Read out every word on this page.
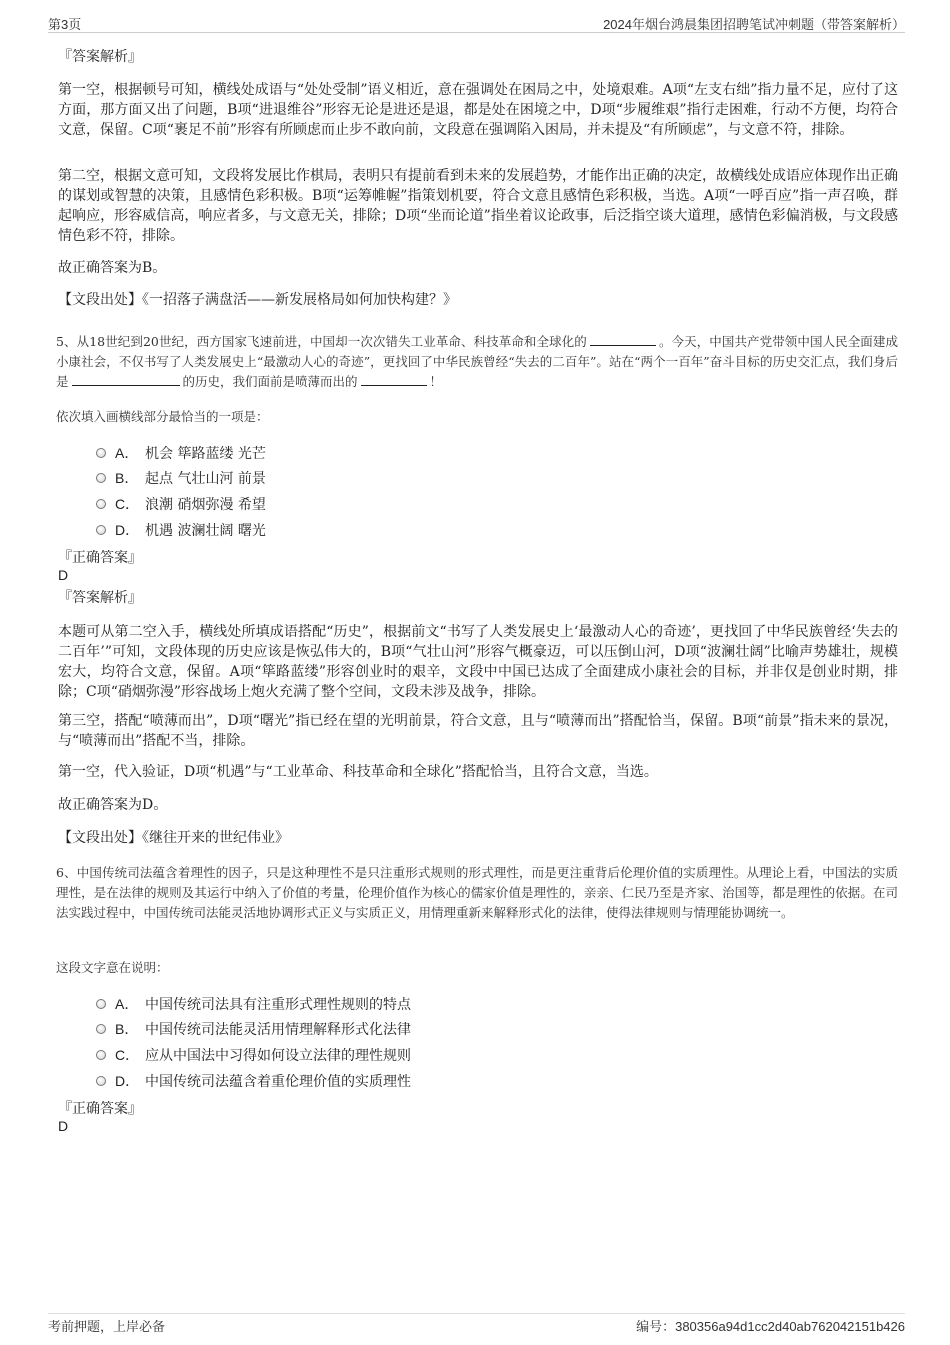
第3页	2024年烟台鸿晨集团招聘笔试冲刺题（带答案解析）
『答案解析』
第一空，根据顿号可知，横线处成语与“处处受制”语义相近，意在强调处在困局之中，处境艰难。A项“左支右绌”指力量不足，应付了这方面，那方面又出了问题，B项“进退维谷”形容无论是进还是退，都是处在困境之中，D项“步履维艰”指行走困难，行动不方便，均符合文意，保留。C项“裹足不前”形容有所顾虑而止步不敢向前，文段意在强调陷入困局，并未提及“有所顾虑”，与文意不符，排除。
第二空，根据文意可知，文段将发展比作棋局，表明只有提前看到未来的发展趋势，才能作出正确的决定，故横线处成语应体现作出正确的谋划或智慧的决策，且感情色彩积极。B项“运筹帷幄”指策划机要，符合文意且感情色彩积极，当选。A项“一呼百应”指一声召唤，群起响应，形容威信高，响应者多，与文意无关，排除；D项“坐而论道”指坐着议论政事，后泛指空谈大道理，感情色彩偏消极，与文段感情色彩不符，排除。
故正确答案为B。
【文段出处】《一招落子满盘活——新发展格局如何加快构建？》
5、从18世纪到20世纪，西方国家飞速前进，中国却一次次错失工业革命、科技革命和全球化的	。今天，中国共产党带领中国人民全面建成小康社会，不仅书写了人类发展史上“最激动人心的奇迹”，更找回了中华民族曾经“失去的二百年”。站在“两个一百年”奋斗目标的历史交汇点，我们身后是	的历史，我们面前是喷薄而出的	！
依次填入画横线部分最恰当的一项是：
A． 机会 筚路蓝缕 光芒
B． 起点 气壮山河 前景
C． 浪潮 硝烟弥漫 希望
D． 机遇 波澜壮阔 曙光
『正确答案』
D
『答案解析』
本题可从第二空入手，横线处所填成语搭配“历史”，根据前文“书写了人类发展史上‘最激动人心的奇迹’，更找回了中华民族曾经‘失去的二百年’”可知，文段体现的历史应该是恢弘伟大的，B项“气壮山河”形容气概豪迈，可以压倒山河，D项“波澜壮阔”比喻声势雄壮，规模宏大，均符合文意，保留。A项“筚路蓝缕”形容创业时的艰辛，文段中中国已达成了全面建成小康社会的目标，并非仅是创业时期，排除；C项“硝烟弥漫”形容战场上炮火充满了整个空间，文段未涉及战争，排除。
第三空，搭配“喷薄而出”，D项“曙光”指已经在望的光明前景，符合文意，且与“喷薄而出”搭配恰当，保留。B项“前景”指未来的景况，与“喷薄而出”搭配不当，排除。
第一空，代入验证，D项“机遇”与“工业革命、科技革命和全球化”搭配恰当，且符合文意，当选。
故正确答案为D。
【文段出处】《继往开来的世纪伟业》
6、中国传统司法蕴含着理性的因子，只是这种理性不是只注重形式规则的形式理性，而是更注重背后伦理价值的实质理性。从理论上看，中国法的实质理性，是在法律的规则及其运行中纳入了价值的考量，伦理价值作为核心的儒家价值是理性的，亲亲、仁民乃至是齐家、治国等，都是理性的依据。在司法实践过程中，中国传统司法能灵活地协调形式正义与实质正义，用情理重新来解释形式化的法律，使得法律规则与情理能协调统一。
这段文字意在说明：
A． 中国传统司法具有注重形式理性规则的特点
B． 中国传统司法能灵活用情理解释形式化法律
C． 应从中国法中习得如何设立法律的理性规则
D． 中国传统司法蕴含着重伦理价值的实质理性
『正确答案』
D
考前押题，上岸必备	编号：380356a94d1cc2d40ab762042151b426
